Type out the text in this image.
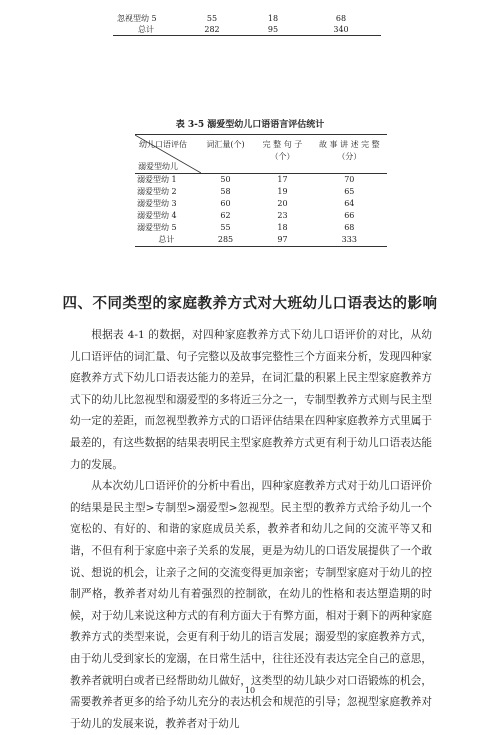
忽视型幼 5	55	18	68
总计	282	95	340
表 3-5 溺爱型幼儿口语语言评估统计
幼儿口语评估
溺爱型幼儿	词汇量(个)	完 整 句 子（个）	故 事 讲 述 完 整（分）
溺爱型幼 1	50	17	70
溺爱型幼 2	58	19	65
溺爱型幼 3	60	20	64
溺爱型幼 4	62	23	66
溺爱型幼 5	55	18	68
总计	285	97	333
四、不同类型的家庭教养方式对大班幼儿口语表达的影响

根据表 4-1 的数据，对四种家庭教养方式下幼儿口语评价的对比，从幼儿口语评估的词汇量、句子完整以及故事完整性三个方面来分析，发现四种家庭教养方式下幼儿口语表达能力的差异，在词汇量的积累上民主型家庭教养方式下的幼儿比忽视型和溺爱型的多将近三分之一，专制型教养方式则与民主型幼一定的差距，而忽视型教养方式的口语评估结果在四种家庭教养方式里属于最差的，有这些数据的结果表明民主型家庭教养方式更有利于幼儿口语表达能力的发展。

从本次幼儿口语评价的分析中看出，四种家庭教养方式对于幼儿口语评价的结果是民主型>专制型>溺爱型>忽视型。民主型的教养方式给予幼儿一个宽松的、有好的、和谐的家庭成员关系，教养者和幼儿之间的交流平等又和谐，不但有利于家庭中亲子关系的发展，更是为幼儿的口语发展提供了一个敢说、想说的机会，让亲子之间的交流变得更加亲密；专制型家庭对于幼儿的控制严格，教养者对幼儿有着强烈的控制欲，在幼儿的性格和表达塑造期的时候，对于幼儿来说这种方式的有利方面大于有弊方面，相对于剩下的两种家庭教养方式的类型来说，会更有利于幼儿的语言发展；溺爱型的家庭教养方式，由于幼儿受到家长的宠溺，在日常生活中，往往还没有表达完全自己的意思，教养者就明白或者已经帮助幼儿做好，这类型的幼儿缺少对口语锻炼的机会，需要教养者更多的给予幼儿充分的表达机会和规范的引导；忽视型家庭教养对于幼儿的发展来说，教养者对于幼儿

10
